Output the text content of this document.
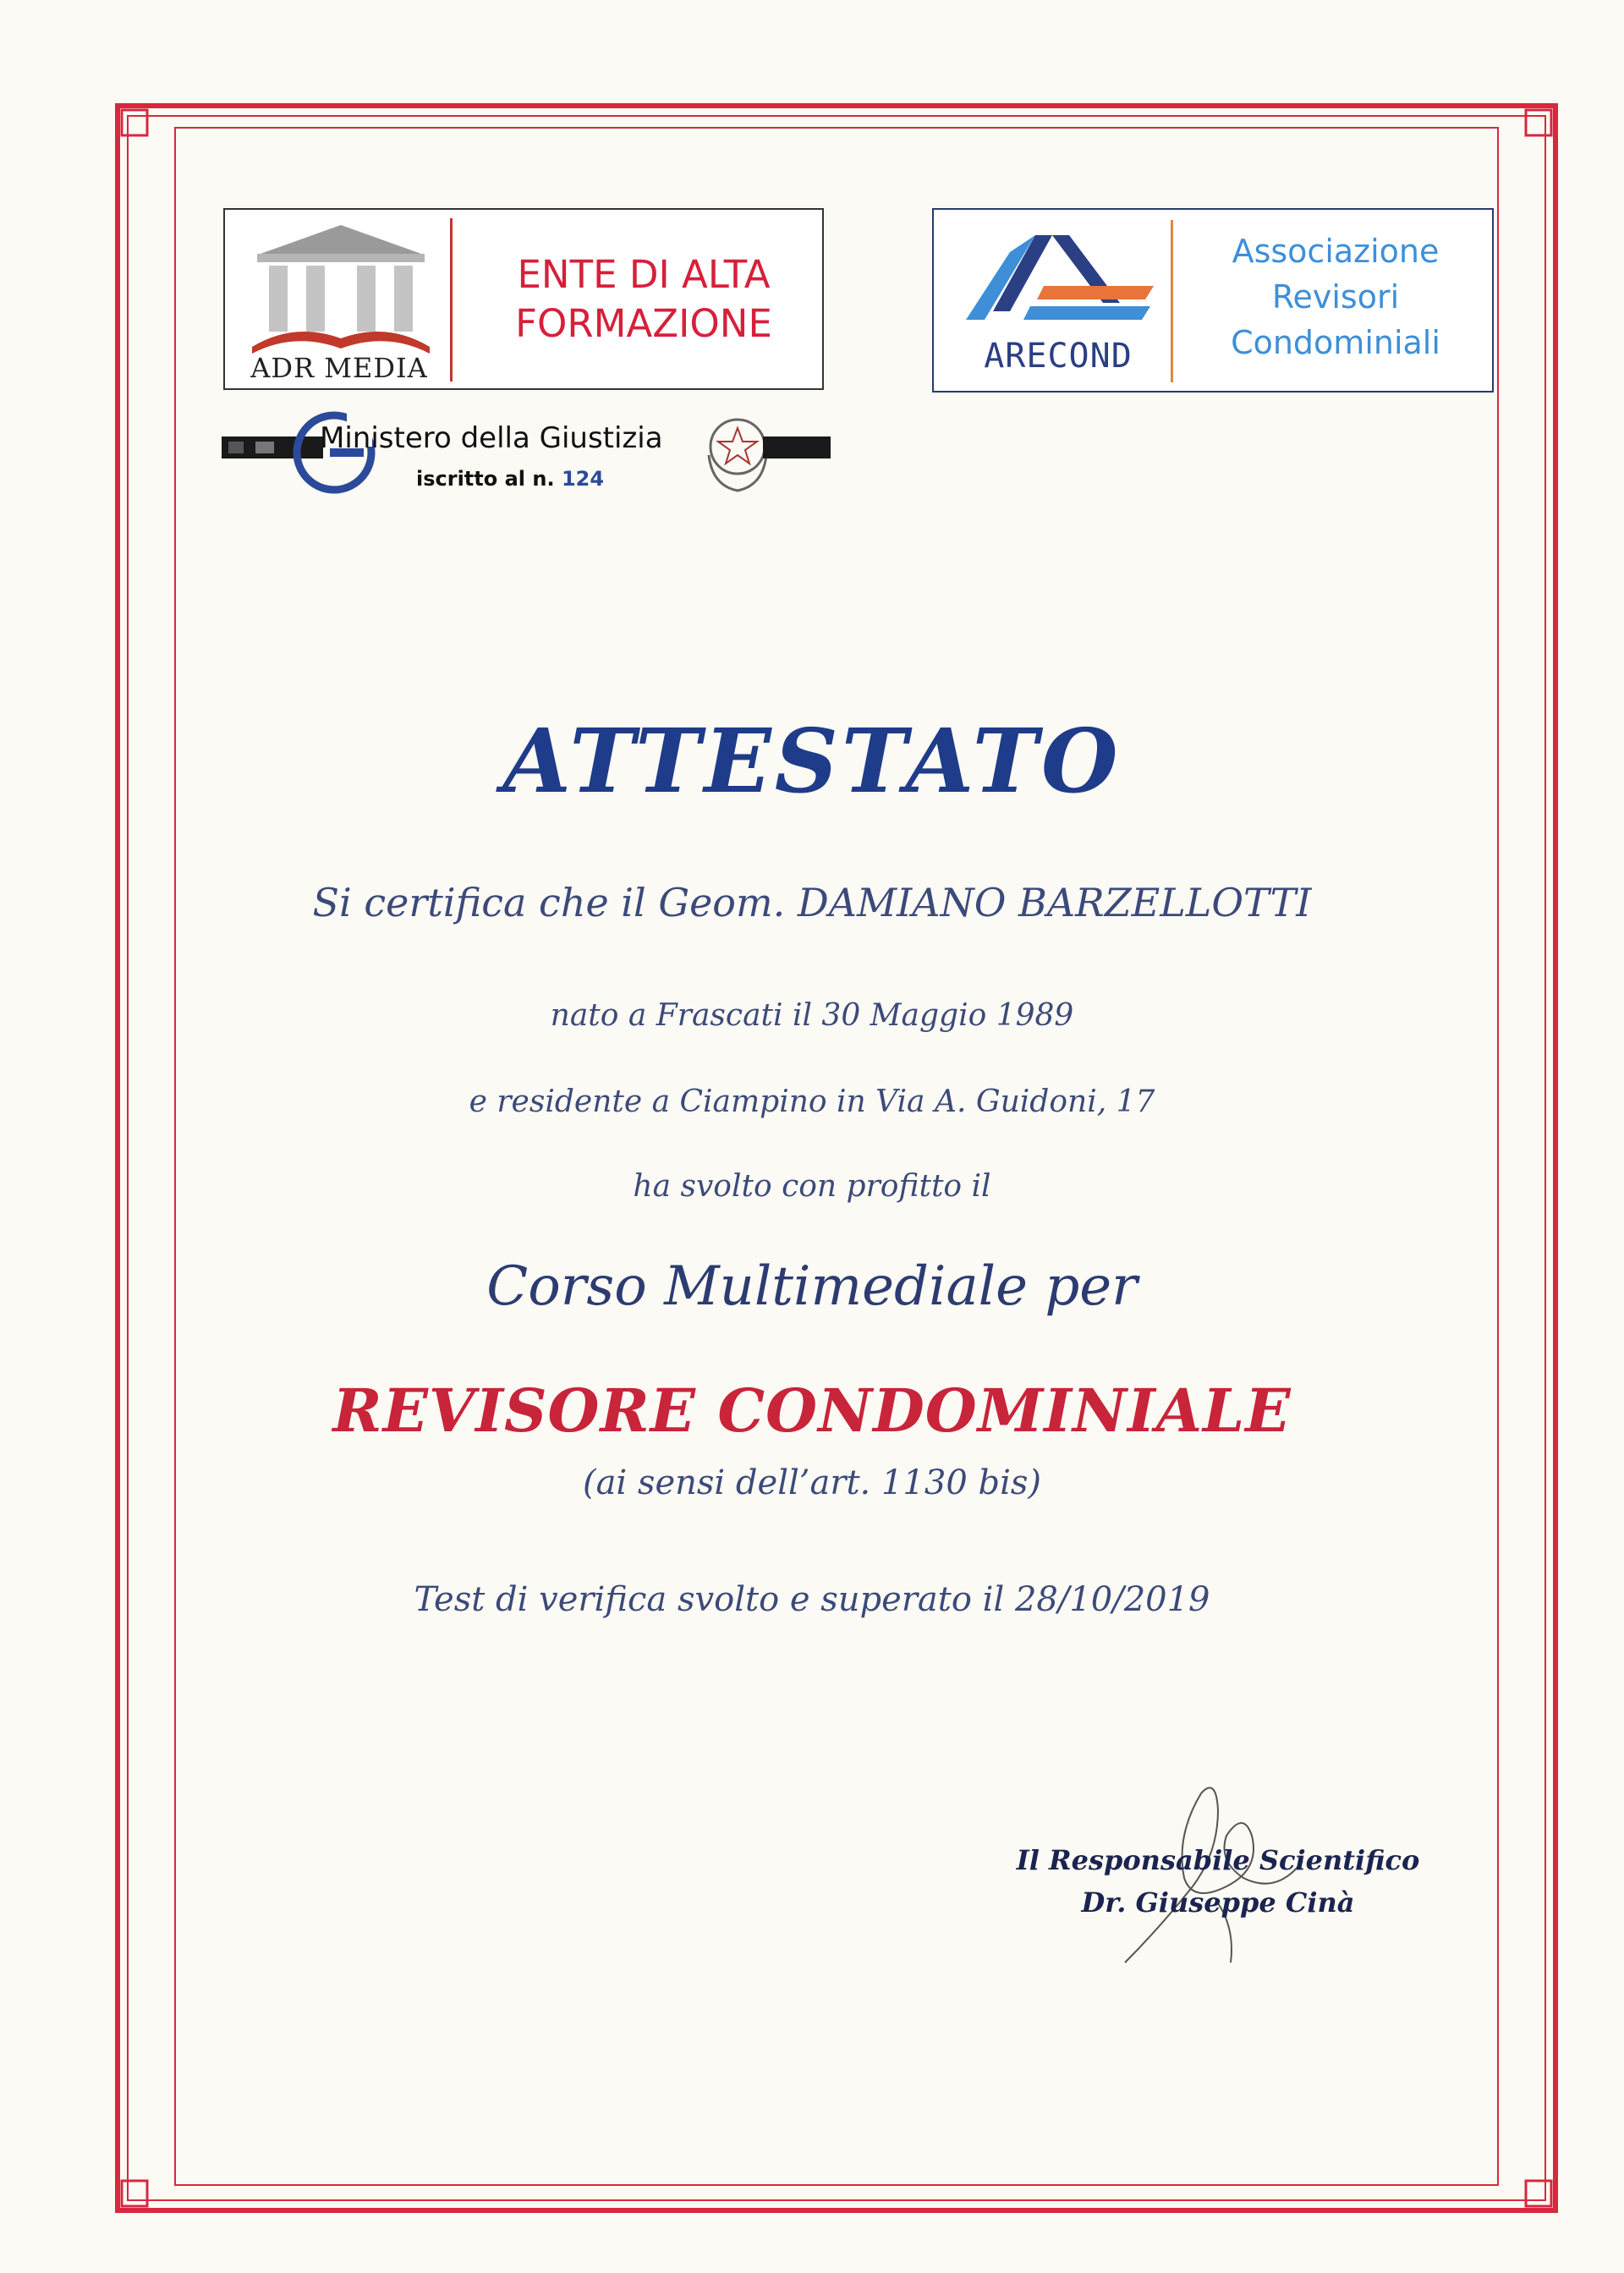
ADR MEDIA
ENTE DI ALTA
FORMAZIONE
ARECOND
Associazione
Revisori
Condominiali
Ministero della Giustizia
iscritto al n. 124
ATTESTATO
Si certifica che il Geom. DAMIANO BARZELLOTTI
nato a Frascati il 30 Maggio 1989
e residente a Ciampino in Via A. Guidoni, 17
ha svolto con profitto il
Corso Multimediale per
REVISORE CONDOMINIALE
(ai sensi dell’art. 1130 bis)
Test di verifica svolto e superato il 28/10/2019
Il Responsabile Scientifico
Dr. Giuseppe Cinà
